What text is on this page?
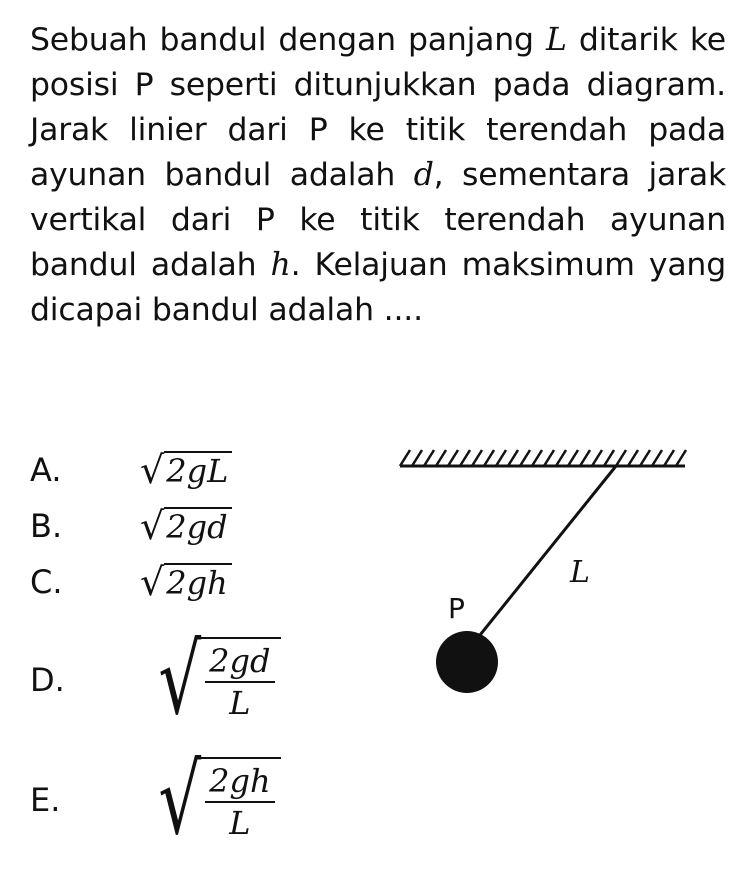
Sebuah bandul dengan panjang L ditarik ke posisi P seperti ditunjukkan pada diagram. Jarak linier dari P ke titik terendah pada ayunan bandul adalah d, sementara jarak vertikal dari P ke titik terendah ayunan bandul adalah h. Kelajuan maksimum yang dicapai bandul adalah ....
A.	√ 2gL
B.	√ 2gd
C.	√ 2gh
D. √
$\frac{2gd}{L}$
E.	√
$\frac{2gh}{L}$
L
P
